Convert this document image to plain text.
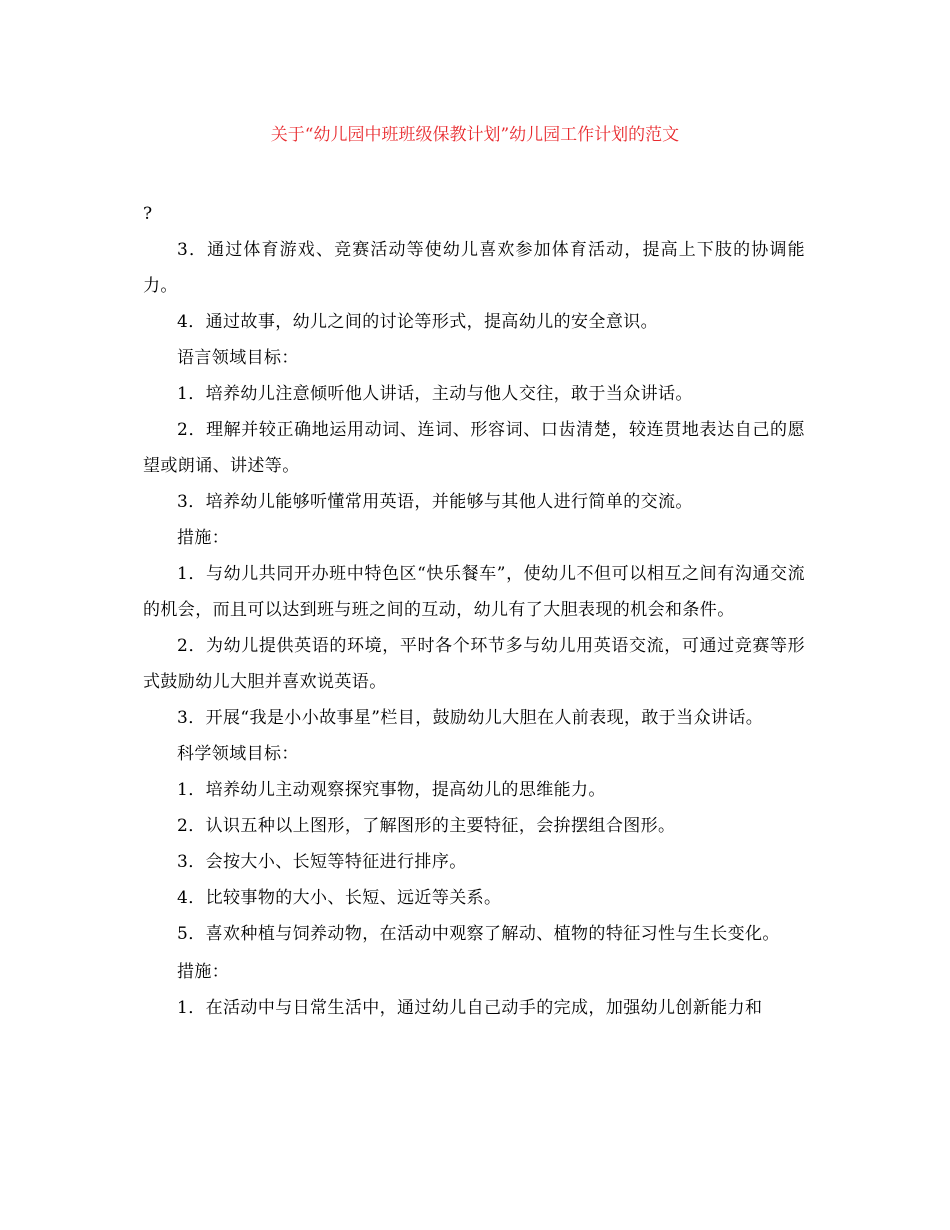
关于“幼儿园中班班级保教计划”幼儿园工作计划的范文

?

3．通过体育游戏、竞赛活动等使幼儿喜欢参加体育活动，提高上下肢的协调能力。

4．通过故事，幼儿之间的讨论等形式，提高幼儿的安全意识。

语言领域目标：

1．培养幼儿注意倾听他人讲话，主动与他人交往，敢于当众讲话。

2．理解并较正确地运用动词、连词、形容词、口齿清楚，较连贯地表达自己的愿望或朗诵、讲述等。

3．培养幼儿能够听懂常用英语，并能够与其他人进行简单的交流。

措施：

1．与幼儿共同开办班中特色区“快乐餐车”，使幼儿不但可以相互之间有沟通交流的机会，而且可以达到班与班之间的互动，幼儿有了大胆表现的机会和条件。

2．为幼儿提供英语的环境，平时各个环节多与幼儿用英语交流，可通过竞赛等形式鼓励幼儿大胆并喜欢说英语。

3．开展“我是小小故事星”栏目，鼓励幼儿大胆在人前表现，敢于当众讲话。

科学领域目标：

1．培养幼儿主动观察探究事物，提高幼儿的思维能力。

2．认识五种以上图形，了解图形的主要特征，会拚摆组合图形。

3．会按大小、长短等特征进行排序。

4．比较事物的大小、长短、远近等关系。

5．喜欢种植与饲养动物，在活动中观察了解动、植物的特征习性与生长变化。

措施：

1．在活动中与日常生活中，通过幼儿自己动手的完成，加强幼儿创新能力和
